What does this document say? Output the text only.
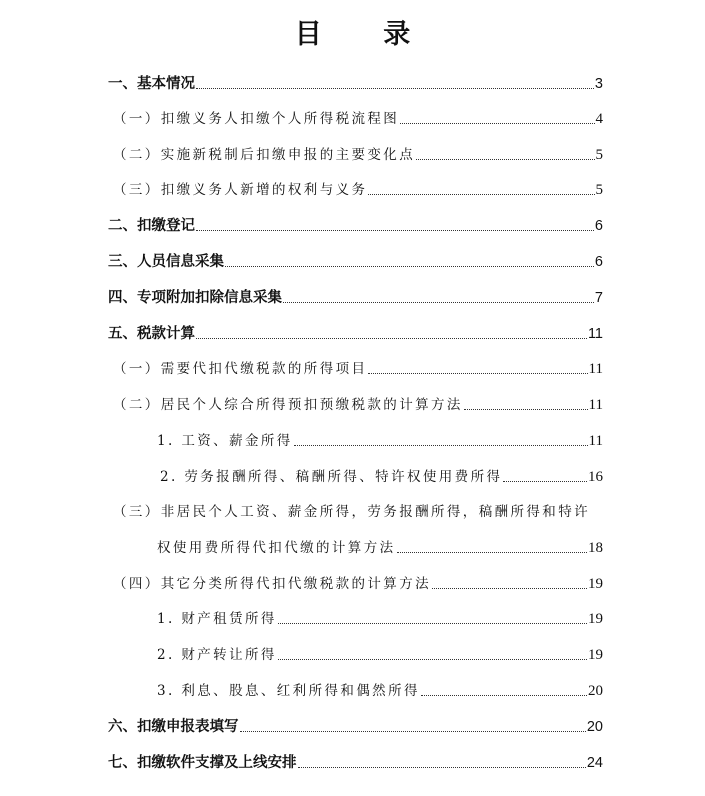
目 录
一、基本情况	3
（一）扣缴义务人扣缴个人所得税流程图	4
（二）实施新税制后扣缴申报的主要变化点	5
（三）扣缴义务人新增的权利与义务	5
二、扣缴登记	6
三、人员信息采集	6
四、专项附加扣除信息采集	7
五、税款计算	11
（一）需要代扣代缴税款的所得项目	11
（二）居民个人综合所得预扣预缴税款的计算方法	11
1. 工资、薪金所得	11
2. 劳务报酬所得、稿酬所得、特许权使用费所得	16
（三）非居民个人工资、薪金所得，劳务报酬所得，稿酬所得和特许
权使用费所得代扣代缴的计算方法	18
（四）其它分类所得代扣代缴税款的计算方法	19
1. 财产租赁所得	19
2. 财产转让所得	19
3. 利息、股息、红利所得和偶然所得	20
六、扣缴申报表填写	20
七、扣缴软件支撑及上线安排	24
